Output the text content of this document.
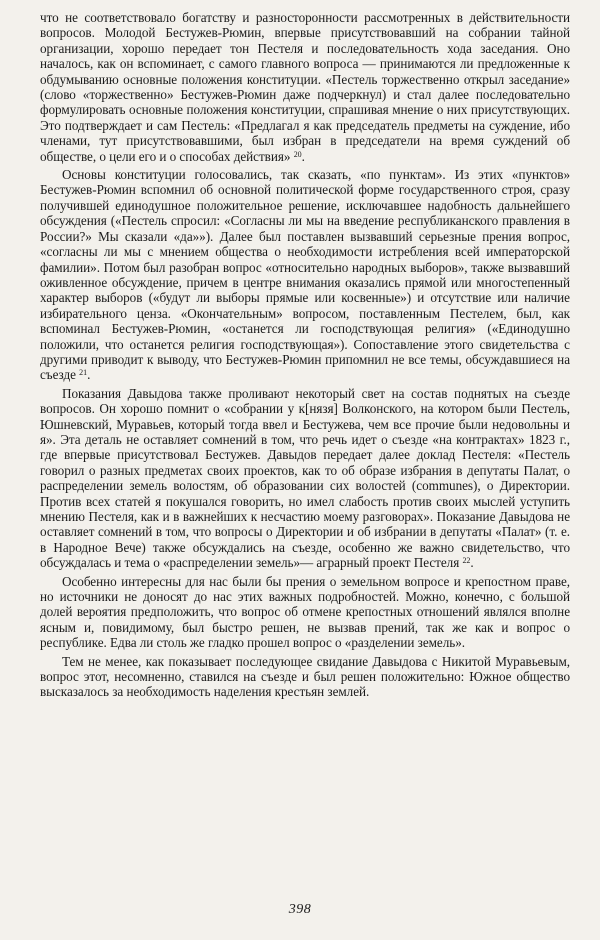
что не соответствовало богатству и разносторонности рассмотренных в действительности вопросов. Молодой Бестужев-Рюмин, впервые присутствовавший на собрании тайной организации, хорошо передает тон Пестеля и последовательность хода заседания. Оно началось, как он вспоминает, с самого главного вопроса — принимаются ли предложенные к обдумыванию основные положения конституции. «Пестель торжественно открыл заседание» (слово «торжественно» Бестужев-Рюмин даже подчеркнул) и стал далее последовательно формулировать основные положения конституции, спрашивая мнение о них присутствующих. Это подтверждает и сам Пестель: «Предлагал я как председатель предметы на суждение, ибо членами, тут присутствовавшими, был избран в председатели на время суждений об обществе, о цели его и о способах действия» $^{20}$.

Основы конституции голосовались, так сказать, «по пунктам». Из этих «пунктов» Бестужев-Рюмин вспомнил об основной политической форме государственного строя, сразу получившей единодушное положительное решение, исключавшее надобность дальнейшего обсуждения («Пестель спросил: «Согласны ли мы на введение республиканского правления в России?» Мы сказали «да»»). Далее был поставлен вызвавший серьезные прения вопрос, «согласны ли мы с мнением общества о необходимости истребления всей императорской фамилии». Потом был разобран вопрос «относительно народных выборов», также вызвавший оживленное обсуждение, причем в центре внимания оказались прямой или многостепенный характер выборов («будут ли выборы прямые или косвенные») и отсутствие или наличие избирательного ценза. «Окончательным» вопросом, поставленным Пестелем, был, как вспоминал Бестужев-Рюмин, «останется ли господствующая религия» («Единодушно положили, что останется религия господствующая»). Сопоставление этого свидетельства с другими приводит к выводу, что Бестужев-Рюмин припомнил не все темы, обсуждавшиеся на съезде $^{21}$.

Показания Давыдова также проливают некоторый свет на состав поднятых на съезде вопросов. Он хорошо помнит о «собрании у к[нязя] Волконского, на котором были Пестель, Юшневский, Муравьев, который тогда ввел и Бестужева, чем все прочие были недовольны и я». Эта деталь не оставляет сомнений в том, что речь идет о съезде «на контрактах» 1823 г., где впервые присутствовал Бестужев. Давыдов передает далее доклад Пестеля: «Пестель говорил о разных предметах своих проектов, как то об образе избрания в депутаты Палат, о распределении земель волостям, об образовании сих волостей (communes), о Директории. Против всех статей я покушался говорить, но имел слабость против своих мыслей уступить мнению Пестеля, как и в важнейших к несчастию моему разговорах». Показание Давыдова не оставляет сомнений в том, что вопросы о Директории и об избрании в депутаты «Палат» (т. е. в Народное Вече) также обсуждались на съезде, особенно же важно свидетельство, что обсуждалась и тема о «распределении земель»— аграрный проект Пестеля $^{22}$.

Особенно интересны для нас были бы прения о земельном вопросе и крепостном праве, но источники не доносят до нас этих важных подробностей. Можно, конечно, с большой долей вероятия предположить, что вопрос об отмене крепостных отношений являлся вполне ясным и, повидимому, был быстро решен, не вызвав прений, так же как и вопрос о республике. Едва ли столь же гладко прошел вопрос о «разделении земель».

Тем не менее, как показывает последующее свидание Давыдова с Никитой Муравьевым, вопрос этот, несомненно, ставился на съезде и был решен положительно: Южное общество высказалось за необходимость наделения крестьян землей.

398
